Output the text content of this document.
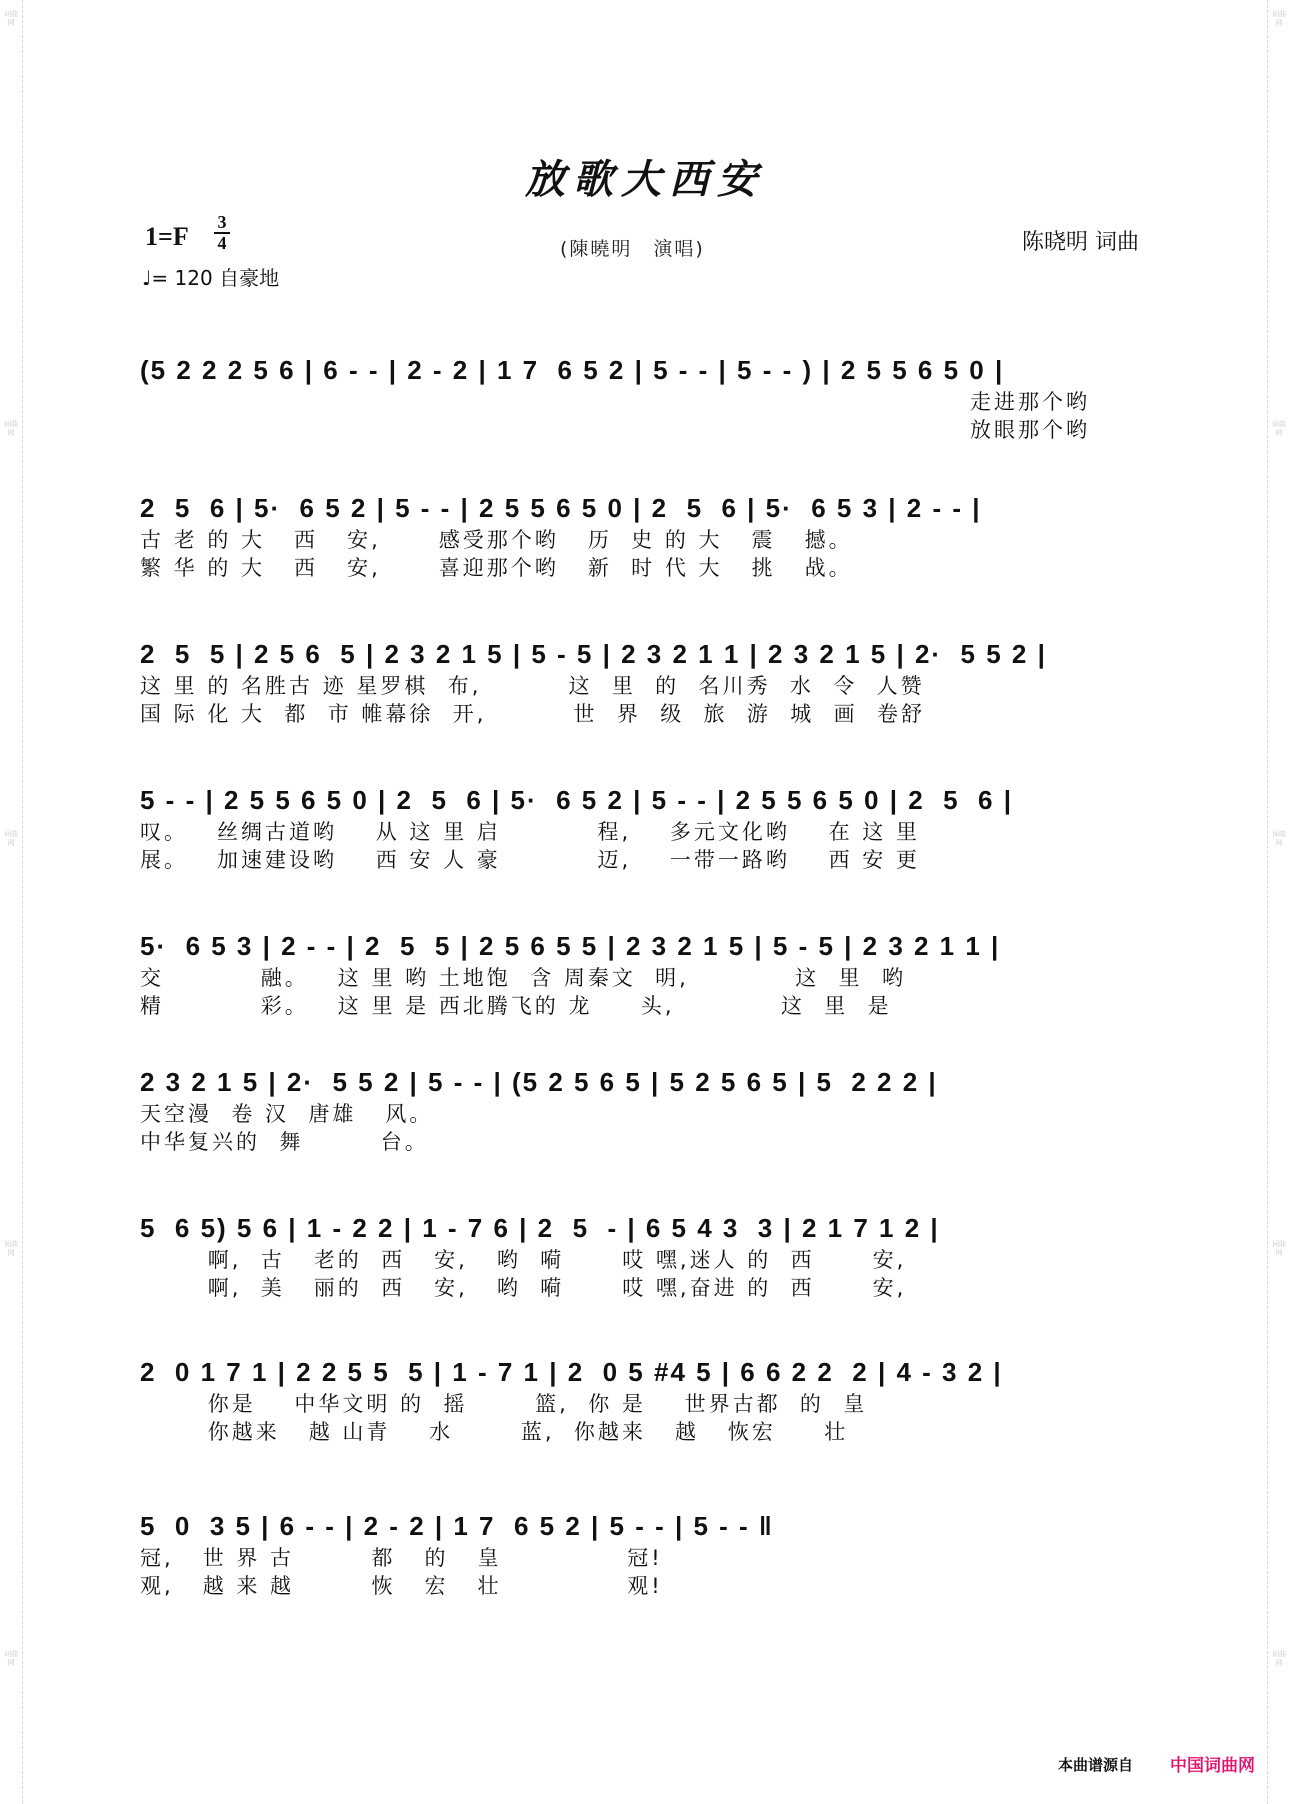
词曲网
词曲网
词曲网
词曲网
词曲网
词曲网
词曲网
词曲网
词曲网
词曲网
放歌大西安
1=F 3
4
♩= 120 自豪地
(陳曉明　演唱)	陈晓明 词曲
(5 2 2 2 5 6 | 6 - - | 2 - 2 | 1 7  6 5 2 | 5 - - | 5 - - ) | 2 5 5 6 5 0 |
走进那个哟
放眼那个哟
2  5  6 | 5·  6 5 2 | 5 - - | 2 5 5 6 5 0 | 2  5  6 | 5·  6 5 3 | 2 - - |
古 老 的 大   西   安,      感受那个哟   历  史 的 大   震   撼。
繁 华 的 大   西   安,      喜迎那个哟   新  时 代 大   挑   战。
2  5  5 | 2 5 6  5 | 2 3 2 1 5 | 5 - 5 | 2 3 2 1 1 | 2 3 2 1 5 | 2·  5 5 2 |
这 里 的 名胜古 迹 星罗棋  布,         这  里  的  名川秀  水  令  人赞
国 际 化 大  都  市 帷幕徐  开,         世  界  级  旅  游  城  画  卷舒
5 - - | 2 5 5 6 5 0 | 2  5  6 | 5·  6 5 2 | 5 - - | 2 5 5 6 5 0 | 2  5  6 |
叹。   丝绸古道哟    从 这 里 启          程,    多元文化哟    在 这 里
展。   加速建设哟    西 安 人 豪          迈,    一带一路哟    西 安 更
5·  6 5 3 | 2 - - | 2  5  5 | 2 5 6 5 5 | 2 3 2 1 5 | 5 - 5 | 2 3 2 1 1 |
交          融。   这 里 哟 土地饱  含 周秦文  明,           这  里  哟
精          彩。   这 里 是 西北腾飞的 龙     头,           这  里  是
2 3 2 1 5 | 2·  5 5 2 | 5 - - | (5 2 5 6 5 | 5 2 5 6 5 | 5  2 2 2 |
天空漫  卷 汉  唐雄   风。
中华复兴的  舞        台。
5  6 5) 5 6 | 1 - 2 2 | 1 - 7 6 | 2  5  - | 6 5 4 3  3 | 2 1 7 1 2 |
啊,  古   老的  西   安,   哟  嗬      哎 嘿,迷人 的  西      安,
啊,  美   丽的  西   安,   哟  嗬      哎 嘿,奋进 的  西      安,
2  0 1 7 1 | 2 2 5 5  5 | 1 - 7 1 | 2  0 5 #4 5 | 6 6 2 2  2 | 4 - 3 2 |
你是    中华文明 的  摇       篮,  你 是    世界古都  的  皇
你越来   越 山青    水       蓝,  你越来   越   恢宏     壮
5  0  3 5 | 6 - - | 2 - 2 | 1 7  6 5 2 | 5 - - | 5 - - ‖
冠,   世 界 古        都   的   皇             冠!
观,   越 来 越        恢   宏   壮             观!
本曲谱源自 中国词曲网
